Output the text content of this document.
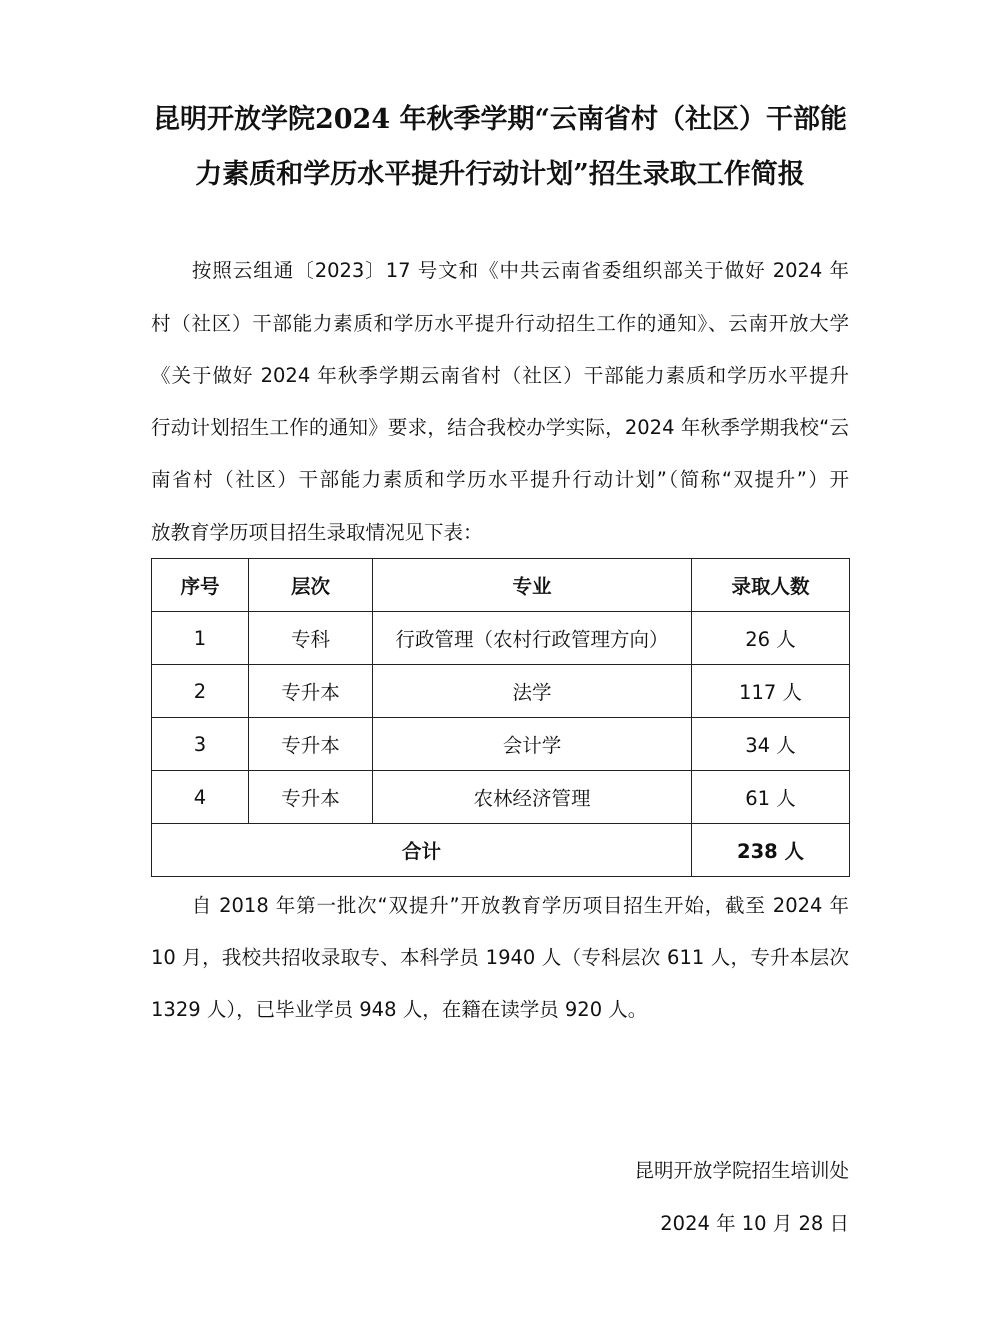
昆明开放学院2024 年秋季学期“云南省村（社区）干部能
力素质和学历水平提升行动计划”招生录取工作简报
　　按照云组通〔2023〕17 号文和《中共云南省委组织部关于做好 2024 年
村（社区）干部能力素质和学历水平提升行动招生工作的通知》、云南开放大学
《关于做好 2024 年秋季学期云南省村（社区）干部能力素质和学历水平提升
行动计划招生工作的通知》要求，结合我校办学实际，2024 年秋季学期我校“云
南省村（社区）干部能力素质和学历水平提升行动计划”（简称“双提升”）开
放教育学历项目招生录取情况见下表：
序号	层次	专业	录取人数
1	专科	行政管理（农村行政管理方向）	26 人
2	专升本	法学	117 人
3	专升本	会计学	34 人
4	专升本	农林经济管理	61 人
合计			238 人
　　自 2018 年第一批次“双提升”开放教育学历项目招生开始，截至 2024 年
10 月，我校共招收录取专、本科学员 1940 人（专科层次 611 人，专升本层次
1329 人），已毕业学员 948 人，在籍在读学员 920 人。
昆明开放学院招生培训处
2024 年 10 月 28 日
